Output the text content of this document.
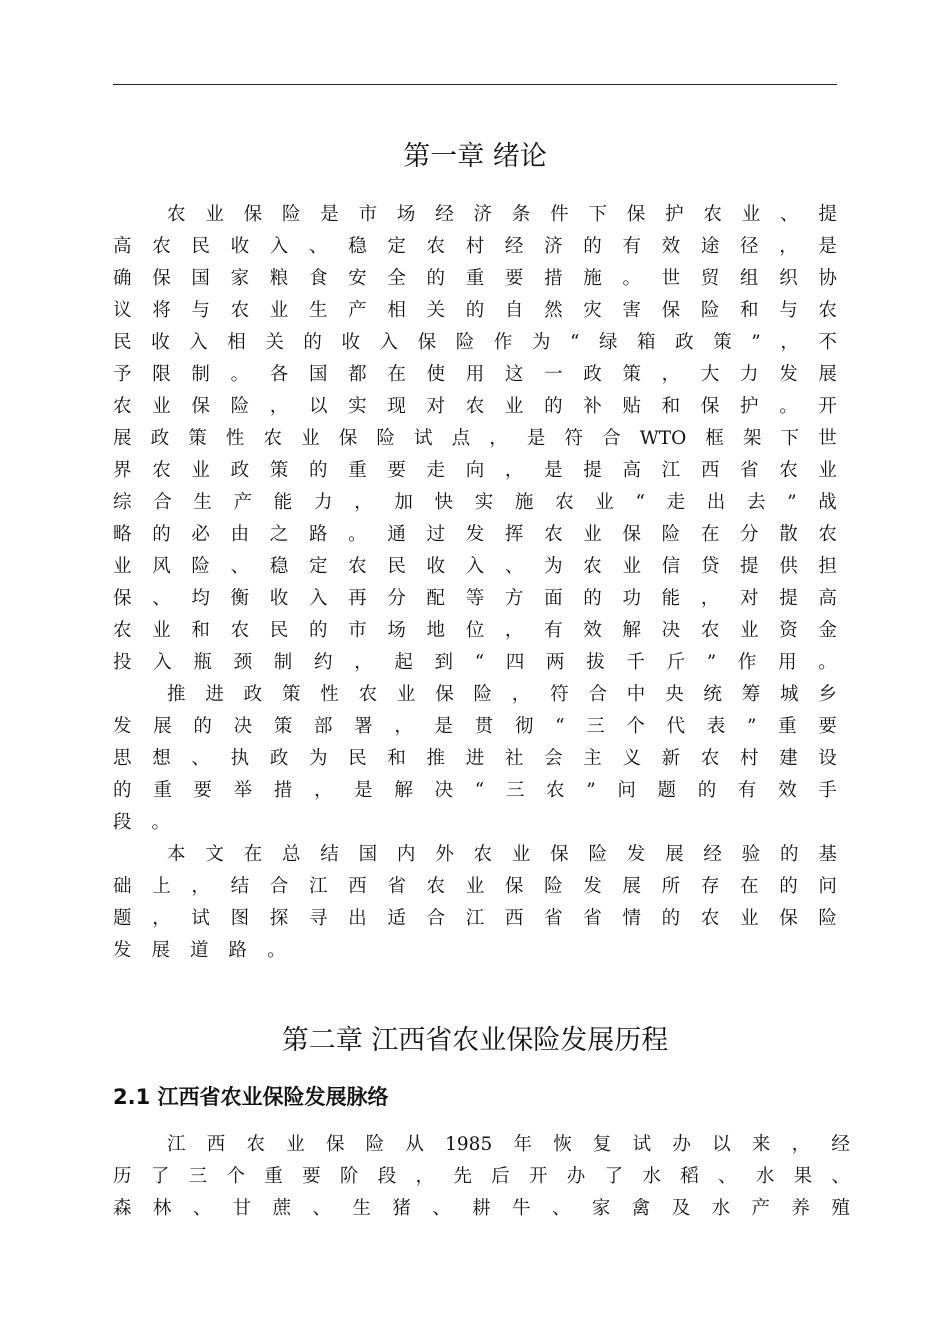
第一章 绪论
农 业 保 险 是 市 场 经 济 条 件 下 保 护 农 业 、 提
高 农 民 收 入 、 稳 定 农 村 经 济 的 有 效 途 径 ， 是
确 保 国 家 粮 食 安 全 的 重 要 措 施 。 世 贸 组 织 协
议 将 与 农 业 生 产 相 关 的 自 然 灾 害 保 险 和 与 农
民 收 入 相 关 的 收 入 保 险 作 为 “ 绿 箱 政 策 ” ， 不
予 限 制 。 各 国 都 在 使 用 这 一 政 策 ， 大 力 发 展
农 业 保 险 ， 以 实 现 对 农 业 的 补 贴 和 保 护 。 开
展 政 策 性 农 业 保 险 试 点 ， 是 符 合 WTO 框 架 下 世
界 农 业 政 策 的 重 要 走 向 ， 是 提 高 江 西 省 农 业
综 合 生 产 能 力 ， 加 快 实 施 农 业 “ 走 出 去 ” 战
略 的 必 由 之 路 。 通 过 发 挥 农 业 保 险 在 分 散 农
业 风 险 、 稳 定 农 民 收 入 、 为 农 业 信 贷 提 供 担
保 、 均 衡 收 入 再 分 配 等 方 面 的 功 能 ， 对 提 高
农 业 和 农 民 的 市 场 地 位 ， 有 效 解 决 农 业 资 金
投 入 瓶 颈 制 约 ， 起 到 “ 四 两 拔 千 斤 ” 作 用 。
推 进 政 策 性 农 业 保 险 ， 符 合 中 央 统 筹 城 乡
发 展 的 决 策 部 署 ， 是 贯 彻 “ 三 个 代 表 ” 重 要
思 想 、 执 政 为 民 和 推 进 社 会 主 义 新 农 村 建 设
的 重 要 举 措 ， 是 解 决 “ 三 农 ” 问 题 的 有 效 手
段 。
本 文 在 总 结 国 内 外 农 业 保 险 发 展 经 验 的 基
础 上 ， 结 合 江 西 省 农 业 保 险 发 展 所 存 在 的 问
题 ， 试 图 探 寻 出 适 合 江 西 省 省 情 的 农 业 保 险
发 展 道 路 。
第二章 江西省农业保险发展历程
2.1 江西省农业保险发展脉络
江 西 农 业 保 险 从 1985 年 恢 复 试 办 以 来 ， 经
历 了 三 个 重 要 阶 段 ， 先 后 开 办 了 水 稻 、 水 果 、
森 林 、 甘 蔗 、 生 猪 、 耕 牛 、 家 禽 及 水 产 养 殖
